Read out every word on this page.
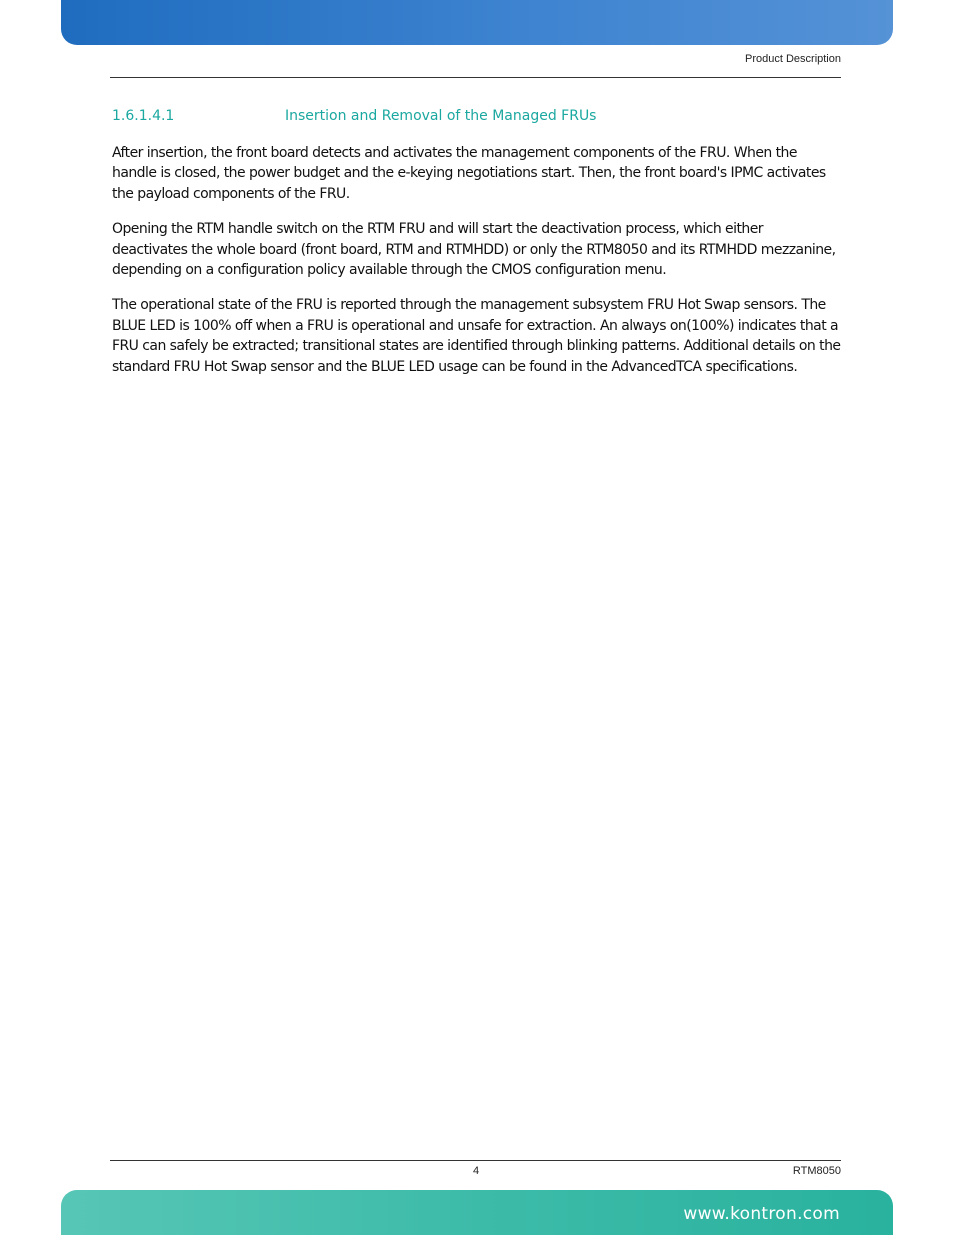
Product Description
1.6.1.4.1	Insertion and Removal of the Managed FRUs

After insertion, the front board detects and activates the management components of the FRU. When the handle is closed, the power budget and the e-keying negotiations start. Then, the front board's IPMC activates the payload components of the FRU.

Opening the RTM handle switch on the RTM FRU and will start the deactivation process, which either deactivates the whole board (front board, RTM and RTMHDD) or only the RTM8050 and its RTMHDD mezzanine, depending on a configuration policy available through the CMOS configuration menu.

The operational state of the FRU is reported through the management subsystem FRU Hot Swap sensors. The BLUE LED is 100% off when a FRU is operational and unsafe for extraction. An always on(100%) indicates that a FRU can safely be extracted; transitional states are identified through blinking patterns. Additional details on the standard FRU Hot Swap sensor and the BLUE LED usage can be found in the AdvancedTCA specifications.

4	RTM8050
www.kontron.com
